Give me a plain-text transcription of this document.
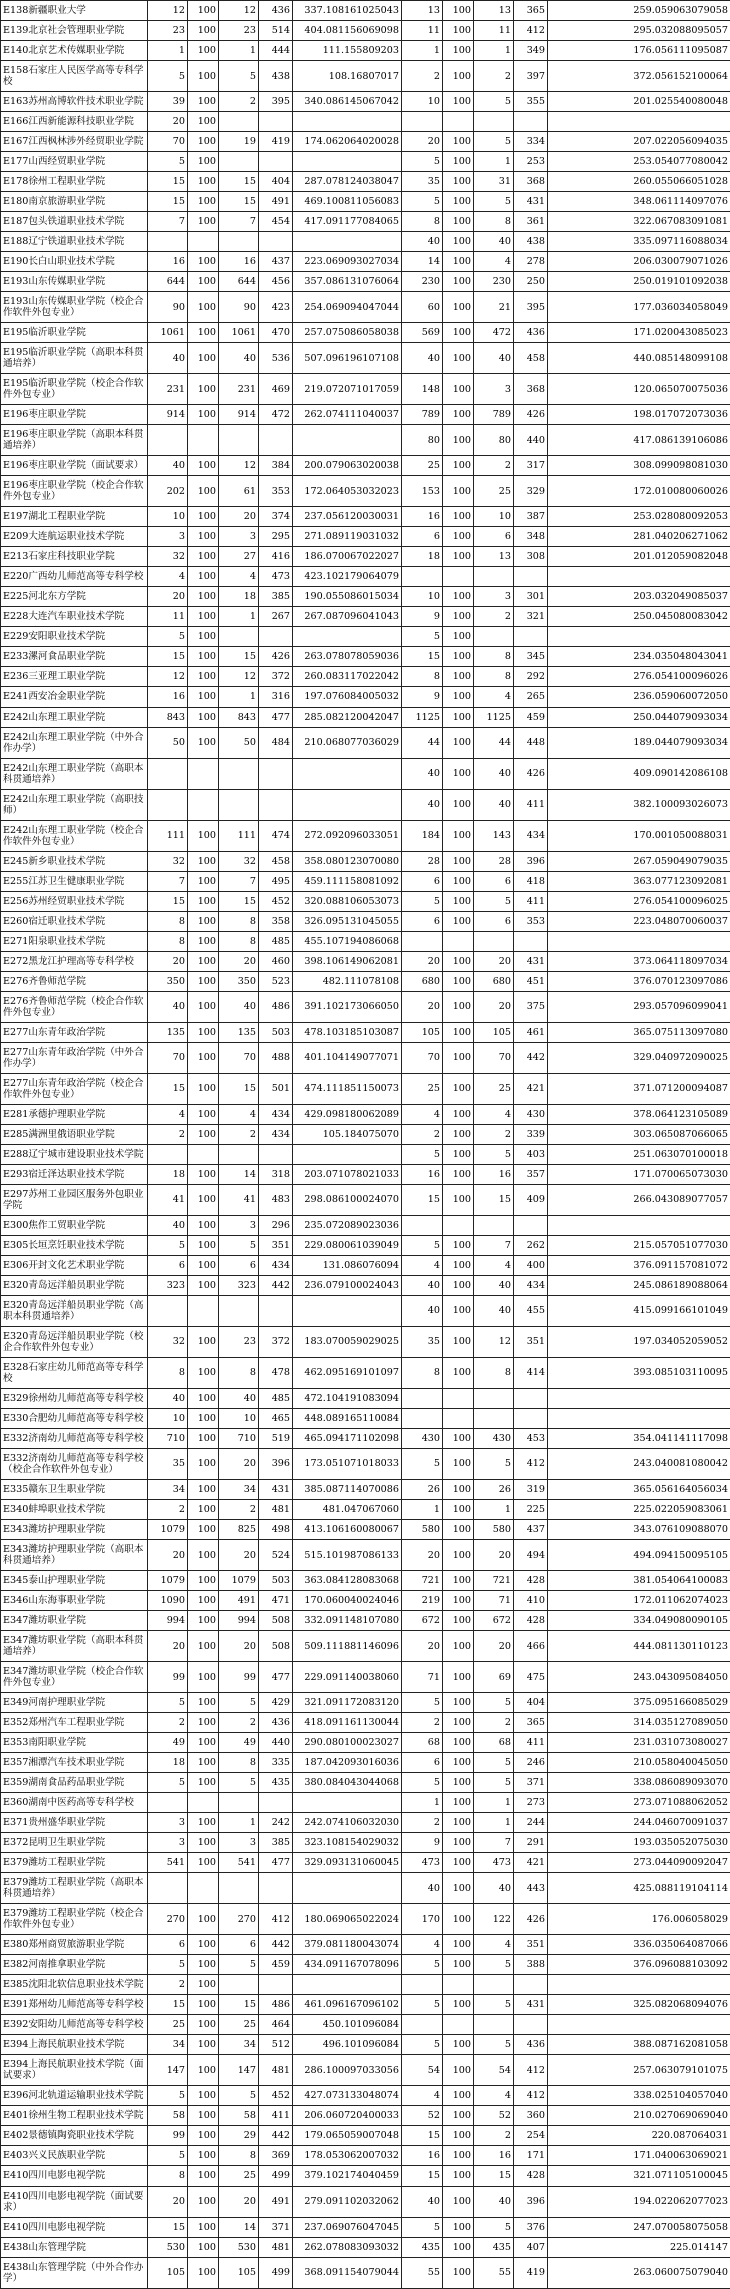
E138新疆职业大学	12	100	12	436	337.108161025043	13	100	13	365	259.059063079058
E139北京社会管理职业学院	23	100	23	514	404.081156069098	11	100	11	412	295.032088095057
E140北京艺术传媒职业学院	1	100	1	444	111.155809203	1	100	1	349	176.056111095087
E158石家庄人民医学高等专科学校	5	100	5	438	108.16807017	2	100	2	397	372.056152100064
E163苏州高博软件技术职业学院	39	100	2	395	340.086145067042	10	100	5	355	201.025540080048
E166江西新能源科技职业学院	20	100								
E167江西枫林涉外经贸职业学院	70	100	19	419	174.062064020028	20	100	5	334	207.022056094035
E177山西经贸职业学院	5	100				5	100	1	253	253.054077080042
E178徐州工程职业学院	15	100	15	404	287.078124038047	35	100	31	368	260.055066051028
E180南京旅游职业学院	15	100	15	491	469.100811056083	5	100	5	431	348.061114097076
E187包头铁道职业技术学院	7	100	7	454	417.091177084065	8	100	8	361	322.067083091081
E188辽宁铁道职业技术学院						40	100	40	438	335.097116088034
E190长白山职业技术学院	16	100	16	437	223.069093027034	14	100	4	278	206.030079071026
E193山东传媒职业学院	644	100	644	456	357.086131076064	230	100	230	250	250.019101092038
E193山东传媒职业学院（校企合作软件外包专业）	90	100	90	423	254.069094047044	60	100	21	395	177.036034058049
E195临沂职业学院	1061	100	1061	470	257.075086058038	569	100	472	436	171.020043085023
E195临沂职业学院（高职本科贯通培养）	40	100	40	536	507.096196107108	40	100	40	458	440.085148099108
E195临沂职业学院（校企合作软件外包专业）	231	100	231	469	219.072071017059	148	100	3	368	120.065070075036
E196枣庄职业学院	914	100	914	472	262.074111040037	789	100	789	426	198.017072073036
E196枣庄职业学院（高职本科贯通培养）						80	100	80	440	417.086139106086
E196枣庄职业学院（面试要求）	40	100	12	384	200.079063020038	25	100	2	317	308.099098081030
E196枣庄职业学院（校企合作软件外包专业）	202	100	61	353	172.064053032023	153	100	25	329	172.010080060026
E197湖北工程职业学院	10	100	20	374	237.056120030031	16	100	10	387	253.028080092053
E209大连航运职业技术学院	3	100	3	295	271.089119031032	6	100	6	348	281.040206271062
E213石家庄科技职业学院	32	100	27	416	186.070067022027	18	100	13	308	201.012059082048
E220广西幼儿师范高等专科学校	4	100	4	473	423.102179064079					
E225河北东方学院	20	100	18	385	190.055086015034	10	100	3	301	203.032049085037
E228大连汽车职业技术学院	11	100	1	267	267.087096041043	9	100	2	321	250.045080083042
E229安阳职业技术学院	5	100				5	100			
E233漯河食品职业学院	15	100	15	426	263.078078059036	15	100	8	345	234.035048043041
E236三亚理工职业学院	12	100	12	372	260.083117022042	8	100	8	292	276.054100096026
E241西安冶金职业学院	16	100	1	316	197.076084005032	9	100	4	265	236.059060072050
E242山东理工职业学院	843	100	843	477	285.082120042047	1125	100	1125	459	250.044079093034
E242山东理工职业学院（中外合作办学）	50	100	50	484	210.068077036029	44	100	44	448	189.044079093034
E242山东理工职业学院（高职本科贯通培养）						40	100	40	426	409.090142086108
E242山东理工职业学院（高职技师）						40	100	40	411	382.100093026073
E242山东理工职业学院（校企合作软件外包专业）	111	100	111	474	272.092096033051	184	100	143	434	170.001050088031
E245新乡职业技术学院	32	100	32	458	358.080123070080	28	100	28	396	267.059049079035
E255江苏卫生健康职业学院	7	100	7	495	459.111158081092	6	100	6	418	363.077123092081
E256苏州经贸职业技术学院	15	100	15	452	320.088106053073	5	100	5	411	276.054100096025
E260宿迁职业技术学院	8	100	8	358	326.095131045055	6	100	6	353	223.048070060037
E271阳泉职业技术学院	8	100	8	485	455.107194086068					
E272黑龙江护理高等专科学校	20	100	20	460	398.106149062081	20	100	20	431	373.064118097034
E276齐鲁师范学院	350	100	350	523	482.111078108	680	100	680	451	376.070123097086
E276齐鲁师范学院（校企合作软件外包专业）	40	100	40	486	391.102173066050	20	100	20	375	293.057096099041
E277山东青年政治学院	135	100	135	503	478.103185103087	105	100	105	461	365.075113097080
E277山东青年政治学院（中外合作办学）	70	100	70	488	401.104149077071	70	100	70	442	329.040972090025
E277山东青年政治学院（校企合作软件外包专业）	15	100	15	501	474.111851150073	25	100	25	421	371.071200094087
E281承德护理职业学院	4	100	4	434	429.098180062089	4	100	4	430	378.064123105089
E285满洲里俄语职业学院	2	100	2	434	105.184075070	2	100	2	339	303.065087066065
E288辽宁城市建设职业技术学院						5	100	5	403	251.063070100018
E293宿迁泽达职业技术学院	18	100	14	318	203.071078021033	16	100	16	357	171.070065073030
E297苏州工业园区服务外包职业学院	41	100	41	483	298.086100024070	15	100	15	409	266.043089077057
E300焦作工贸职业学院	40	100	3	296	235.072089023036					
E305长垣烹饪职业技术学院	5	100	5	351	229.080061039049	5	100	7	262	215.057051077030
E306开封文化艺术职业学院	6	100	6	434	131.086076094	4	100	4	400	376.091157081072
E320青岛远洋船员职业学院	323	100	323	442	236.079100024043	40	100	40	434	245.086189088064
E320青岛远洋船员职业学院（高职本科贯通培养）						40	100	40	455	415.099166101049
E320青岛远洋船员职业学院（校企合作软件外包专业）	32	100	23	372	183.070059029025	35	100	12	351	197.034052059052
E328石家庄幼儿师范高等专科学校	8	100	8	478	462.095169101097	8	100	8	414	393.085103110095
E329徐州幼儿师范高等专科学校	40	100	40	485	472.104191083094					
E330合肥幼儿师范高等专科学校	10	100	10	465	448.089165110084					
E332济南幼儿师范高等专科学校	710	100	710	519	465.094171102098	430	100	430	453	354.041141117098
E332济南幼儿师范高等专科学校（校企合作软件外包专业）	35	100	20	396	173.051071018033	5	100	5	412	243.040081080042
E335赣东卫生职业学院	34	100	34	431	385.087114070086	26	100	26	319	365.056164056034
E340蚌埠职业技术学院	2	100	2	481	481.047067060	1	100	1	225	225.022059083061
E343潍坊护理职业学院	1079	100	825	498	413.106160080067	580	100	580	437	343.076109088070
E343潍坊护理职业学院（高职本科贯通培养）	20	100	20	524	515.101987086133	20	100	20	494	494.094150095105
E345泰山护理职业学院	1079	100	1079	503	363.084128083068	721	100	721	428	381.054064100083
E346山东海事职业学院	1090	100	491	471	170.060040024046	219	100	71	410	172.011062074023
E347潍坊职业学院	994	100	994	508	332.091148107080	672	100	672	428	334.049080090105
E347潍坊职业学院（高职本科贯通培养）	20	100	20	508	509.111881146096	20	100	20	466	444.081130110123
E347潍坊职业学院（校企合作软件外包专业）	99	100	99	477	229.091140038060	71	100	69	475	243.043095084050
E349河南护理职业学院	5	100	5	429	321.091172083120	5	100	5	404	375.095166085029
E352郑州汽车工程职业学院	2	100	2	436	418.091161130044	2	100	2	365	314.035127089050
E353南阳职业学院	49	100	49	440	290.080100023027	68	100	68	411	231.031073080027
E357湘潭汽车技术职业学院	18	100	8	335	187.042093016036	6	100	5	246	210.058040045050
E359湖南食品药品职业学院	5	100	5	435	380.084043044068	5	100	5	371	338.086089093070
E360湖南中医药高等专科学校						1	100	1	273	273.071088062052
E371贵州盛华职业学院	3	100	1	242	242.074106032030	2	100	1	244	244.046070091037
E372昆明卫生职业学院	3	100	3	385	323.108154029032	9	100	7	291	193.035052075030
E379潍坊工程职业学院	541	100	541	477	329.093131060045	473	100	473	421	273.044090092047
E379潍坊工程职业学院（高职本科贯通培养）						40	100	40	443	425.088119104114
E379潍坊工程职业学院（校企合作软件外包专业）	270	100	270	412	180.069065022024	170	100	122	426	176.006058029
E380郑州商贸旅游职业学院	6	100	6	442	379.081180043074	4	100	4	351	336.035064087066
E382河南推拿职业学院	5	100	5	459	434.091167078096	5	100	5	388	376.096088103092
E385沈阳北软信息职业技术学院	2	100								
E391郑州幼儿师范高等专科学校	15	100	15	486	461.096167096102	5	100	5	431	325.082068094076
E392安阳幼儿师范高等专科学校	25	100	25	464	450.101096084					
E394上海民航职业技术学院	34	100	34	512	496.101096084	5	100	5	436	388.087162081058
E394上海民航职业技术学院（面试要求）	147	100	147	481	286.100097033056	54	100	54	412	257.063079101075
E396河北轨道运输职业技术学院	5	100	5	452	427.073133048074	4	100	4	412	338.025104057040
E401徐州生物工程职业技术学院	58	100	58	411	206.060720400033	52	100	52	360	210.027069069040
E402景德镇陶瓷职业技术学院	99	100	29	442	179.065059007048	15	100	2	254	220.087064031
E403兴义民族职业学院	5	100	8	369	178.053062007032	16	100	16	171	171.040063069021
E410四川电影电视学院	8	100	25	499	379.102174040459	15	100	15	428	321.071105100045
E410四川电影电视学院（面试要求）	20	100	20	491	279.091102032062	40	100	40	396	194.022062077023
E410四川电影电视学院	15	100	14	371	237.069076047045	5	100	5	376	247.070058075058
E438山东管理学院	530	100	530	481	262.078083093032	435	100	435	407	225.014147
E438山东管理学院（中外合作办学）	105	100	105	499	368.091154079044	55	100	55	419	263.060075079040
